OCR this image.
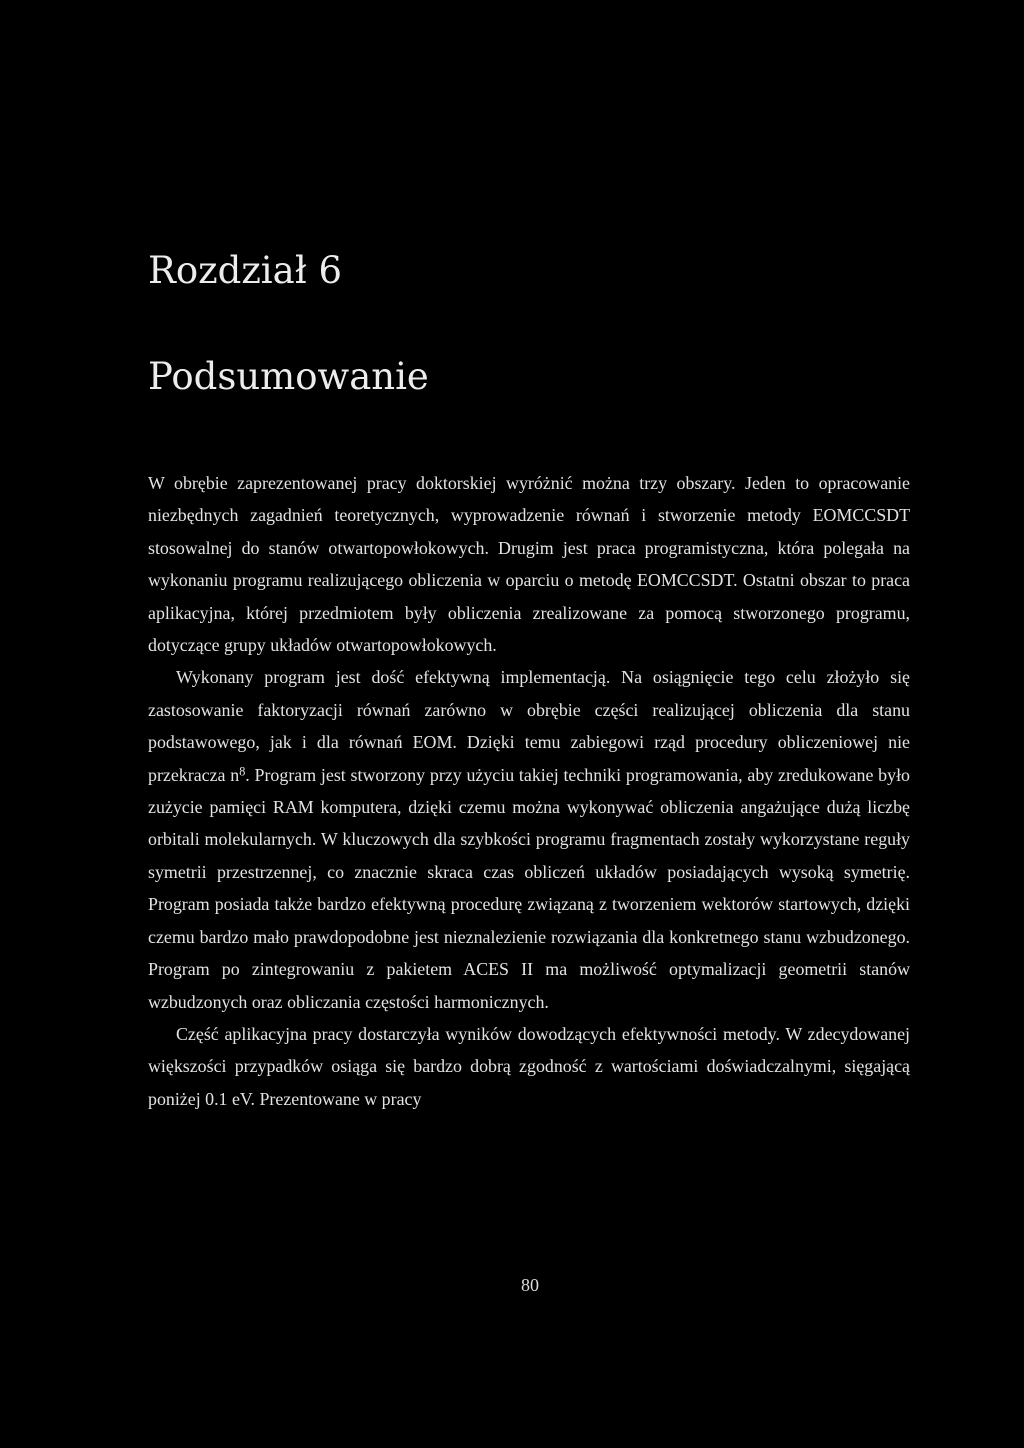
Rozdział 6
Podsumowanie

W obrębie zaprezentowanej pracy doktorskiej wyróżnić można trzy obszary. Jeden to opracowanie niezbędnych zagadnień teoretycznych, wyprowadzenie równań i stworzenie metody EOMCCSDT stosowalnej do stanów otwartopowłokowych. Drugim jest praca programistyczna, która polegała na wykonaniu programu realizującego obliczenia w oparciu o metodę EOMCCSDT. Ostatni obszar to praca aplikacyjna, której przedmiotem były obliczenia zrealizowane za pomocą stworzonego programu, dotyczące grupy układów otwartopowłokowych.

Wykonany program jest dość efektywną implementacją. Na osiągnięcie tego celu złożyło się zastosowanie faktoryzacji równań zarówno w obrębie części realizującej obliczenia dla stanu podstawowego, jak i dla równań EOM. Dzięki temu zabiegowi rząd procedury obliczeniowej nie przekracza $n^8$. Program jest stworzony przy użyciu takiej techniki programowania, aby zredukowane było zużycie pamięci RAM komputera, dzięki czemu można wykonywać obliczenia angażujące dużą liczbę orbitali molekularnych. W kluczowych dla szybkości programu fragmentach zostały wykorzystane reguły symetrii przestrzennej, co znacznie skraca czas obliczeń układów posiadających wysoką symetrię. Program posiada także bardzo efektywną procedurę związaną z tworzeniem wektorów startowych, dzięki czemu bardzo mało prawdopodobne jest nieznalezienie rozwiązania dla konkretnego stanu wzbudzonego. Program po zintegrowaniu z pakietem ACES II ma możliwość optymalizacji geometrii stanów wzbudzonych oraz obliczania częstości harmonicznych.

Część aplikacyjna pracy dostarczyła wyników dowodzących efektywności metody. W zdecydowanej większości przypadków osiąga się bardzo dobrą zgodność z wartościami doświadczalnymi, sięgającą poniżej 0.1 eV. Prezentowane w pracy

80
